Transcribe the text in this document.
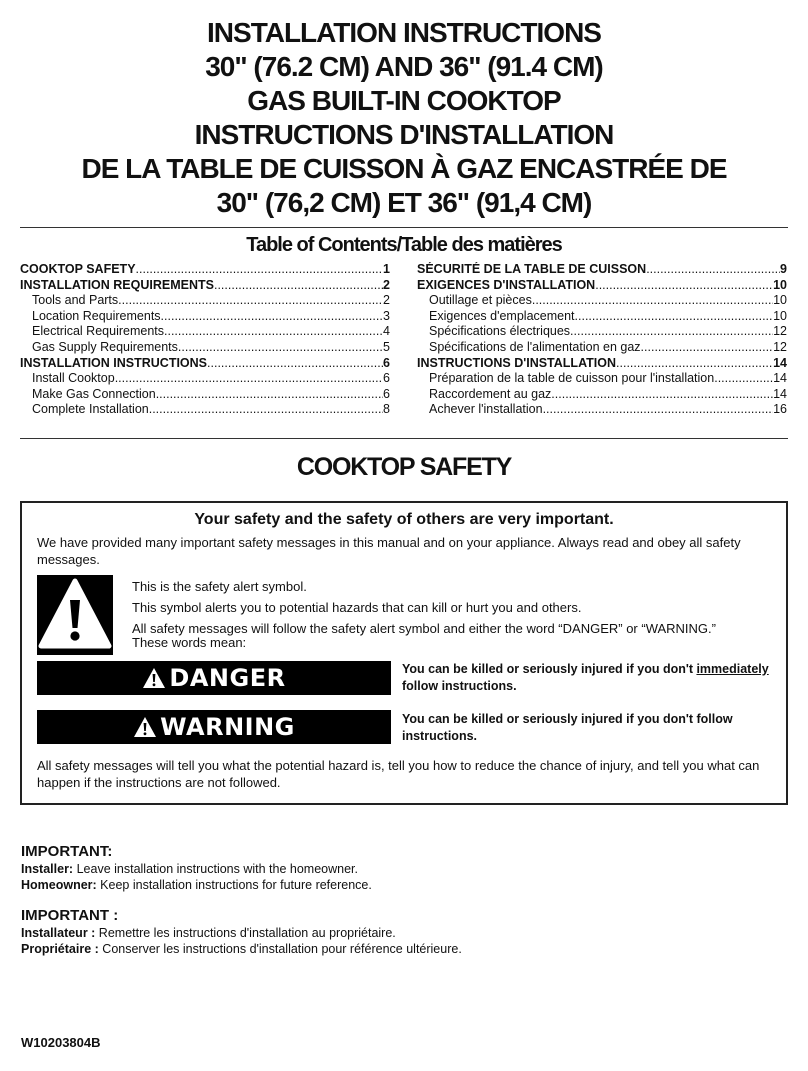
INSTALLATION INSTRUCTIONS
30" (76.2 CM) AND 36" (91.4 CM)
GAS BUILT-IN COOKTOP
INSTRUCTIONS D'INSTALLATION
DE LA TABLE DE CUISSON À GAZ ENCASTRÉE DE
30" (76,2 CM) ET 36" (91,4 CM)
Table of Contents/Table des matières
COOKTOP SAFETY .....	1
INSTALLATION REQUIREMENTS .....	2
Tools and Parts .....	2
Location Requirements .....	3
Electrical Requirements .....	4
Gas Supply Requirements .....	5
INSTALLATION INSTRUCTIONS .....	6
Install Cooktop .....	6
Make Gas Connection .....	6
Complete Installation .....	8
SÉCURITÉ DE LA TABLE DE CUISSON .....	9
EXIGENCES D'INSTALLATION .....	10
Outillage et pièces .....	10
Exigences d'emplacement .....	10
Spécifications électriques .....	12
Spécifications de l'alimentation en gaz .....	12
INSTRUCTIONS D'INSTALLATION .....	14
Préparation de la table de cuisson pour l'installation .....	14
Raccordement au gaz .....	14
Achever l'installation .....	16
COOKTOP SAFETY

Your safety and the safety of others are very important.

We have provided many important safety messages in this manual and on your appliance. Always read and obey all safety messages.

This is the safety alert symbol.

This symbol alerts you to potential hazards that can kill or hurt you and others.

All safety messages will follow the safety alert symbol and either the word “DANGER” or “WARNING.”

These words mean:

DANGER	You can be killed or seriously injured if you don't immediately follow instructions.

WARNING	You can be killed or seriously injured if you don't follow instructions.

All safety messages will tell you what the potential hazard is, tell you how to reduce the chance of injury, and tell you what can happen if the instructions are not followed.

IMPORTANT:

Installer: Leave installation instructions with the homeowner.

Homeowner: Keep installation instructions for future reference.

IMPORTANT :

Installateur : Remettre les instructions d'installation au propriétaire.

Propriétaire : Conserver les instructions d'installation pour référence ultérieure.

W10203804B
